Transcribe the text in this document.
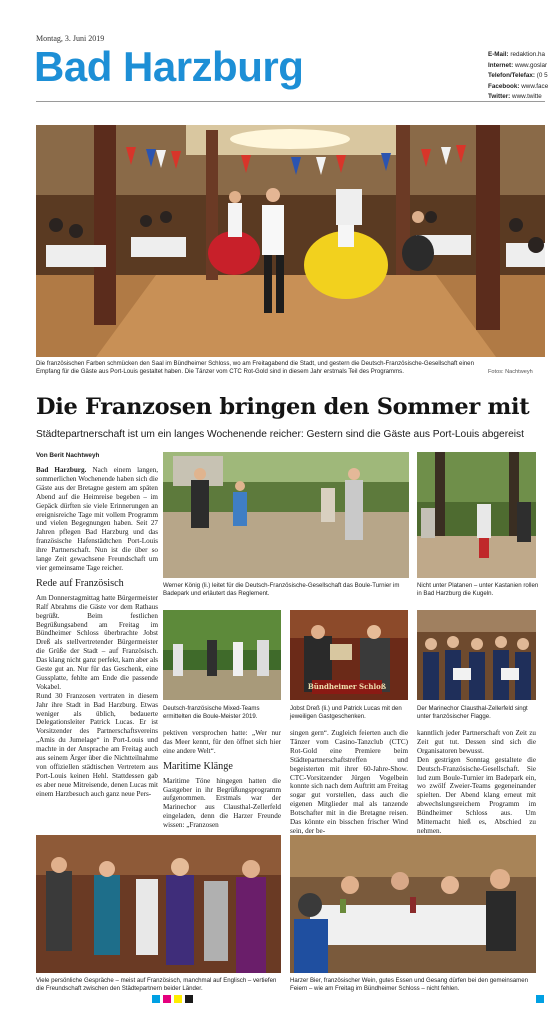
Montag, 3. Juni 2019
Bad Harzburg	E-Mail: redaktion.ha
Internet: www.goslar
Telefon/Telefax: (0 5
Facebook: www.face
Twitter: www.twitte
Die französischen Farben schmücken den Saal im Bündheimer Schloss, wo am Freitagabend die Stadt, und gestern die Deutsch-Französische-Gesellschaft einen Empfang für die Gäste aus Port-Louis gestaltet haben. Die Tänzer vom CTC Rot-Gold sind in diesem Jahr erstmals Teil des Programms.	Fotos: Nachtweyh
Die Franzosen bringen den Sommer mit
Städtepartnerschaft ist um ein langes Wochenende reicher: Gestern sind die Gäste aus Port-Louis abgereist
Von Berit Nachtweyh

Bad Harzburg. Nach einem langen, sommerlichen Wochenende haben sich die Gäste aus der Bretagne gestern am späten Abend auf die Heimreise begeben – im Gepäck dürften sie viele Erinnerungen an ereignisreiche Tage mit vollem Programm und vielen Begegnungen haben. Seit 27 Jahren pflegen Bad Harzburg und das französische Hafenstädtchen Port-Louis ihre Partnerschaft. Nun ist die über so lange Zeit gewachsene Freundschaft um vier gemeinsame Tage reicher.

Rede auf Französisch

Am Donnerstagmittag hatte Bürgermeister Ralf Abrahms die Gäste vor dem Rathaus begrüßt. Beim festlichen Begrüßungsabend am Freitag im Bündheimer Schloss überbrachte Jobst Dreß als stellvertretender Bürgermeister die Grüße der Stadt – auf Französisch. Das klang nicht ganz perfekt, kam aber als Geste gut an. Nur für das Geschenk, eine Gussplatte, fehlte am Ende die passende Vokabel.

Rund 30 Franzosen vertraten in diesem Jahr ihre Stadt in Bad Harzburg. Etwas weniger als üblich, bedauerte Delegationsleiter Patrick Lucas. Er ist Vorsitzender des Partnerschaftsvereins „Amis du Jumelage“ in Port-Louis und machte in der Ansprache am Freitag auch aus seinem Ärger über die Nichtteilnahme von offiziellen städtischen Vertretern aus Port-Louis keinen Hehl. Stattdessen gab es aber neue Mitreisende, denen Lucas mit einem Harzbesuch auch ganz neue Pers-

Werner König (li.) leitet für die Deutsch-Französische-Gesellschaft das Boule-Turnier im Badepark und erläutert das Reglement.
Nicht unter Platanen – unter Kastanien rollen in Bad Harzburg die Kugeln.
Deutsch-französische Mixed-Teams ermittelten die Boule-Meister 2019.
Bündheimer Schloß
Jobst Dreß (li.) und Patrick Lucas mit den jeweiligen Gastgeschenken.
Der Marinechor Clausthal-Zellerfeld singt unter französischer Flagge.

pektiven versprochen hatte: „Wer nur das Meer kennt, für den öffnet sich hier eine andere Welt“.

Maritime Klänge

Maritime Töne hingegen hatten die Gastgeber in ihr Begrüßungsprogramm aufgenommen. Erstmals war der Marinechor aus Clausthal-Zellerfeld eingeladen, denn die Harzer Freunde wissen: „Franzosen

singen gern“. Zugleich feierten auch die Tänzer vom Casino-Tanzclub (CTC) Rot-Gold eine Premiere beim Städtepartnerschaftstreffen und begeisterten mit ihrer 60-Jahre-Show. CTC-Vorsitzender Jürgen Vogelbein konnte sich nach dem Auftritt am Freitag sogar gut vorstellen, dass auch die eigenen Mitglieder mal als tanzende Botschafter mit in die Bretagne reisen. Das könnte ein bisschen frischer Wind sein, der be-

kanntlich jeder Partnerschaft von Zeit zu Zeit gut tut. Dessen sind sich die Organisatoren bewusst.

Den gestrigen Sonntag gestaltete die Deutsch-Französische-Gesellschaft. Sie lud zum Boule-Turnier im Badepark ein, wo zwölf Zweier-Teams gegeneinander spielten. Der Abend klang erneut mit abwechslungsreichem Programm im Bündheimer Schloss aus. Um Mitternacht hieß es, Abschied zu nehmen.

Viele persönliche Gespräche – meist auf Französisch, manchmal auf Englisch – vertiefen die Freundschaft zwischen den Städtepartnern beider Länder.
Harzer Bier, französischer Wein, gutes Essen und Gesang dürfen bei den gemeinsamen Feiern – wie am Freitag im Bündheimer Schloss – nicht fehlen.
